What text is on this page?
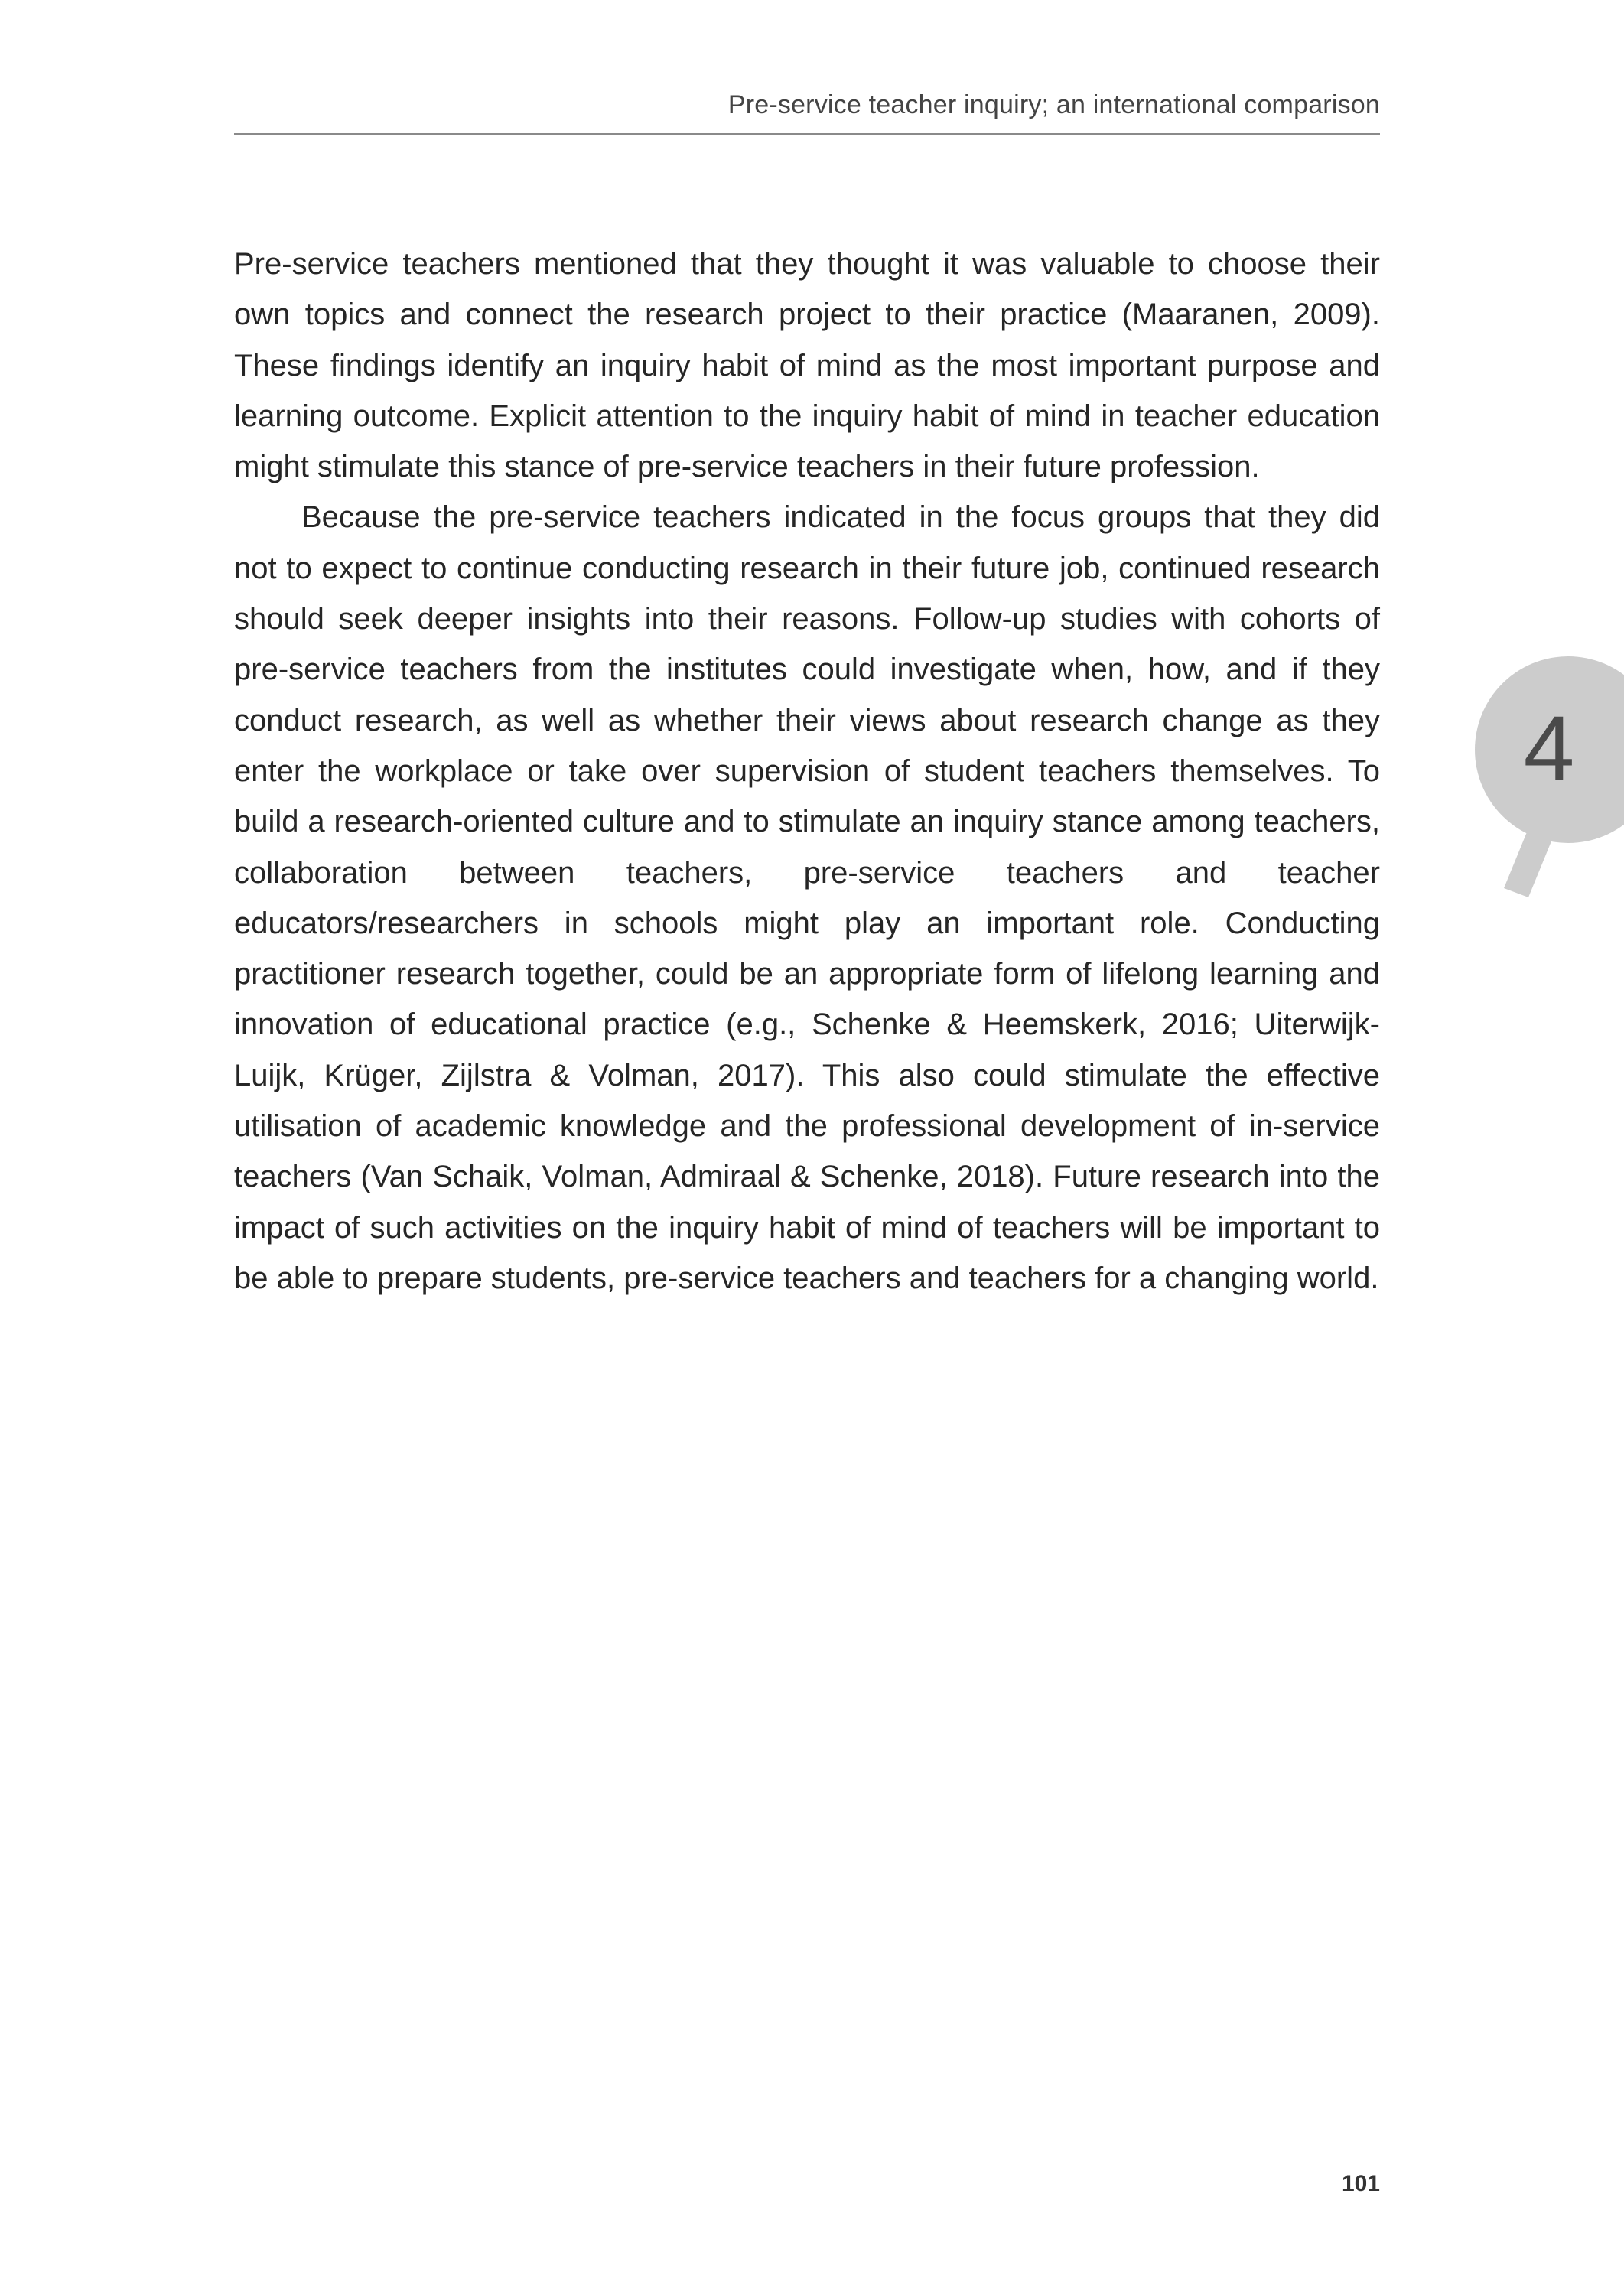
Pre-service teacher inquiry; an international comparison

Pre-service teachers mentioned that they thought it was valuable to choose their own topics and connect the research project to their practice (Maaranen, 2009). These findings identify an inquiry habit of mind as the most important purpose and learning outcome. Explicit attention to the inquiry habit of mind in teacher education might stimulate this stance of pre-service teachers in their future profession.

Because the pre-service teachers indicated in the focus groups that they did not to expect to continue conducting research in their future job, continued research should seek deeper insights into their reasons. Follow-up studies with cohorts of pre-service teachers from the institutes could investigate when, how, and if they conduct research, as well as whether their views about research change as they enter the workplace or take over supervision of student teachers themselves. To build a research-oriented culture and to stimulate an inquiry stance among teachers, collaboration between teachers, pre-service teachers and teacher educators/researchers in schools might play an important role. Conducting practitioner research together, could be an appropriate form of lifelong learning and innovation of educational practice (e.g., Schenke & Heemskerk, 2016; Uiterwijk-Luijk, Krüger, Zijlstra & Volman, 2017). This also could stimulate the effective utilisation of academic knowledge and the professional development of in-service teachers (Van Schaik, Volman, Admiraal & Schenke, 2018). Future research into the impact of such activities on the inquiry habit of mind of teachers will be important to be able to prepare students, pre-service teachers and teachers for a changing world.

4
101
